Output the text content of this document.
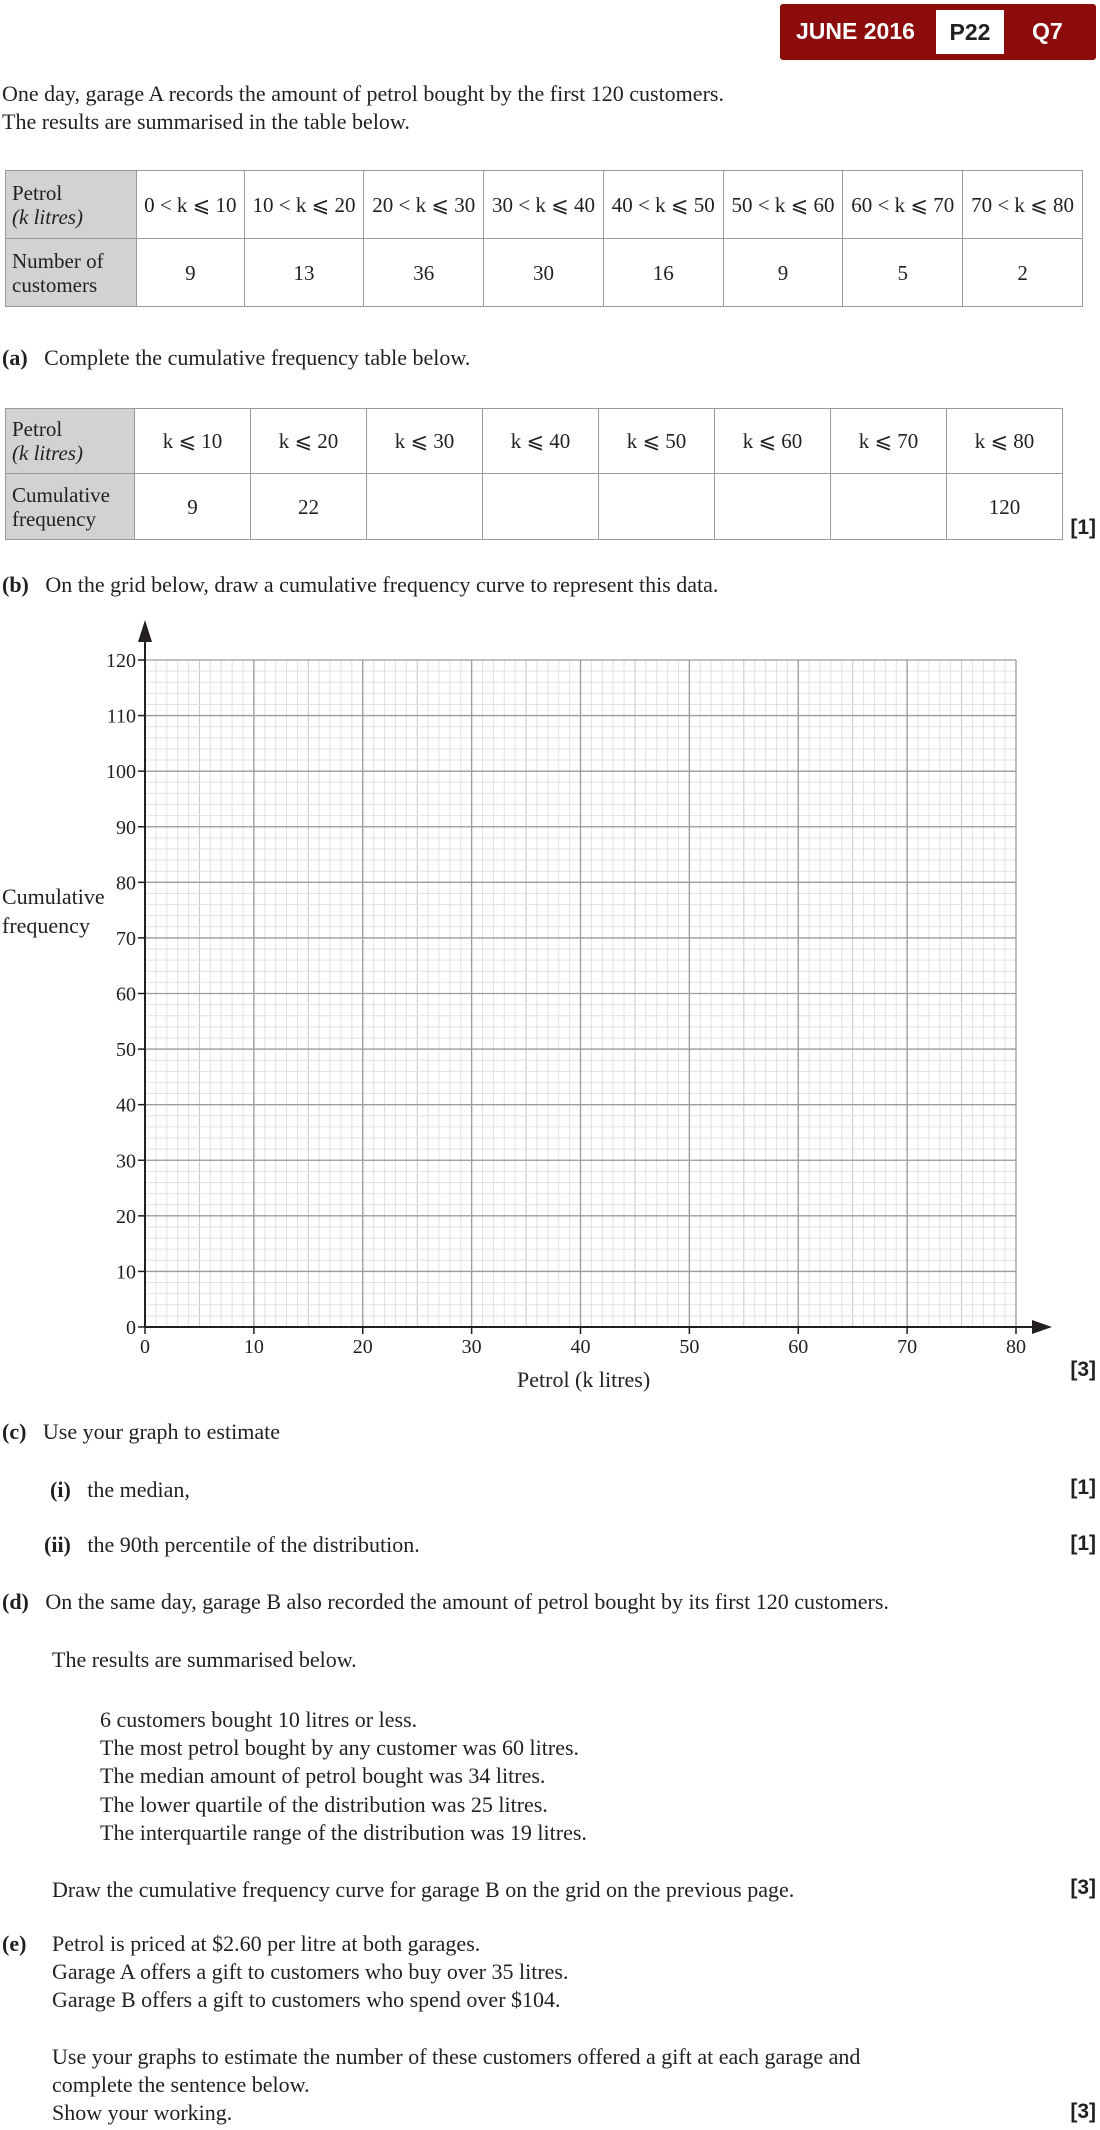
JUNE 2016	P22	Q7
One day, garage A records the amount of petrol bought by the first 120 customers.
The results are summarised in the table below.
Petrol
(k litres)	0 < k ⩽ 10	10 < k ⩽ 20	20 < k ⩽ 30	30 < k ⩽ 40	40 < k ⩽ 50	50 < k ⩽ 60	60 < k ⩽ 70	70 < k ⩽ 80
Number of
customers	9	13	36	30	16	9	5	2
(a) Complete the cumulative frequency table below.
Petrol
(k litres)	k ⩽ 10	k ⩽ 20	k ⩽ 30	k ⩽ 40	k ⩽ 50	k ⩽ 60	k ⩽ 70	k ⩽ 80
Cumulative
frequency	9	22						120
[1]
(b) On the grid below, draw a cumulative frequency curve to represent this data.
0	10	20	30	40	50	60	70	80
0
10
20
30
40
50
60
70
80
90
100
110
120
Cumulative
frequency
Petrol (k litres)	[3]
(c) Use your graph to estimate
(i) the median,	[1]
(ii) the 90th percentile of the distribution.	[1]
(d) On the same day, garage B also recorded the amount of petrol bought by its first 120 customers.
The results are summarised below.
6 customers bought 10 litres or less.
The most petrol bought by any customer was 60 litres.
The median amount of petrol bought was 34 litres.
The lower quartile of the distribution was 25 litres.
The interquartile range of the distribution was 19 litres.
Draw the cumulative frequency curve for garage B on the grid on the previous page.	[3]
(e) Petrol is priced at $2.60 per litre at both garages.
Garage A offers a gift to customers who buy over 35 litres.
Garage B offers a gift to customers who spend over $104.
Use your graphs to estimate the number of these customers offered a gift at each garage and
complete the sentence below.
Show your working.	[3]
